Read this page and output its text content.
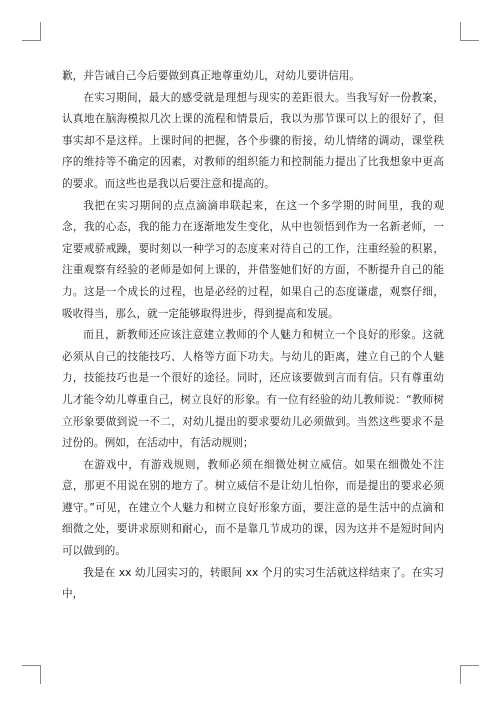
歉，并告诫自己今后要做到真正地尊重幼儿，对幼儿要讲信用。

在实习期间，最大的感受就是理想与现实的差距很大。当我写好一份教案，认真地在脑海模拟几次上课的流程和情景后，我以为那节课可以上的很好了，但事实却不是这样。上课时间的把握，各个步骤的衔接，幼儿情绪的调动，课堂秩序的维持等不确定的因素，对教师的组织能力和控制能力提出了比我想象中更高的要求。而这些也是我以后要注意和提高的。

我把在实习期间的点点滴滴串联起来，在这一个多学期的时间里，我的观念，我的心态，我的能力在逐渐地发生变化，从中也领悟到作为一名新老师，一定要戒骄戒躁，要时刻以一种学习的态度来对待自己的工作，注重经验的积累，注重观察有经验的老师是如何上课的，并借鉴她们好的方面，不断提升自己的能力。这是一个成长的过程，也是必经的过程，如果自己的态度谦虚，观察仔细，吸收得当，那么，就一定能够取得进步，得到提高和发展。

而且，新教师还应该注意建立教师的个人魅力和树立一个良好的形象。这就必须从自己的技能技巧、人格等方面下功夫。与幼儿的距离，建立自己的个人魅力，技能技巧也是一个很好的途径。同时，还应该要做到言而有信。只有尊重幼儿才能令幼儿尊重自己，树立良好的形象。有一位有经验的幼儿教师说：“教师树立形象要做到说一不二，对幼儿提出的要求要幼儿必须做到。当然这些要求不是过份的。例如，在活动中，有活动规则；

在游戏中，有游戏规则，教师必须在细微处树立威信。如果在细微处不注意，那更不用说在别的地方了。树立威信不是让幼儿怕你，而是提出的要求必须遵守。”可见，在建立个人魅力和树立良好形象方面，要注意的是生活中的点滴和细微之处，要讲求原则和耐心，而不是靠几节成功的课，因为这并不是短时间内可以做到的。

我是在 xx 幼儿园实习的，转眼间 xx 个月的实习生活就这样结束了。在实习中，
